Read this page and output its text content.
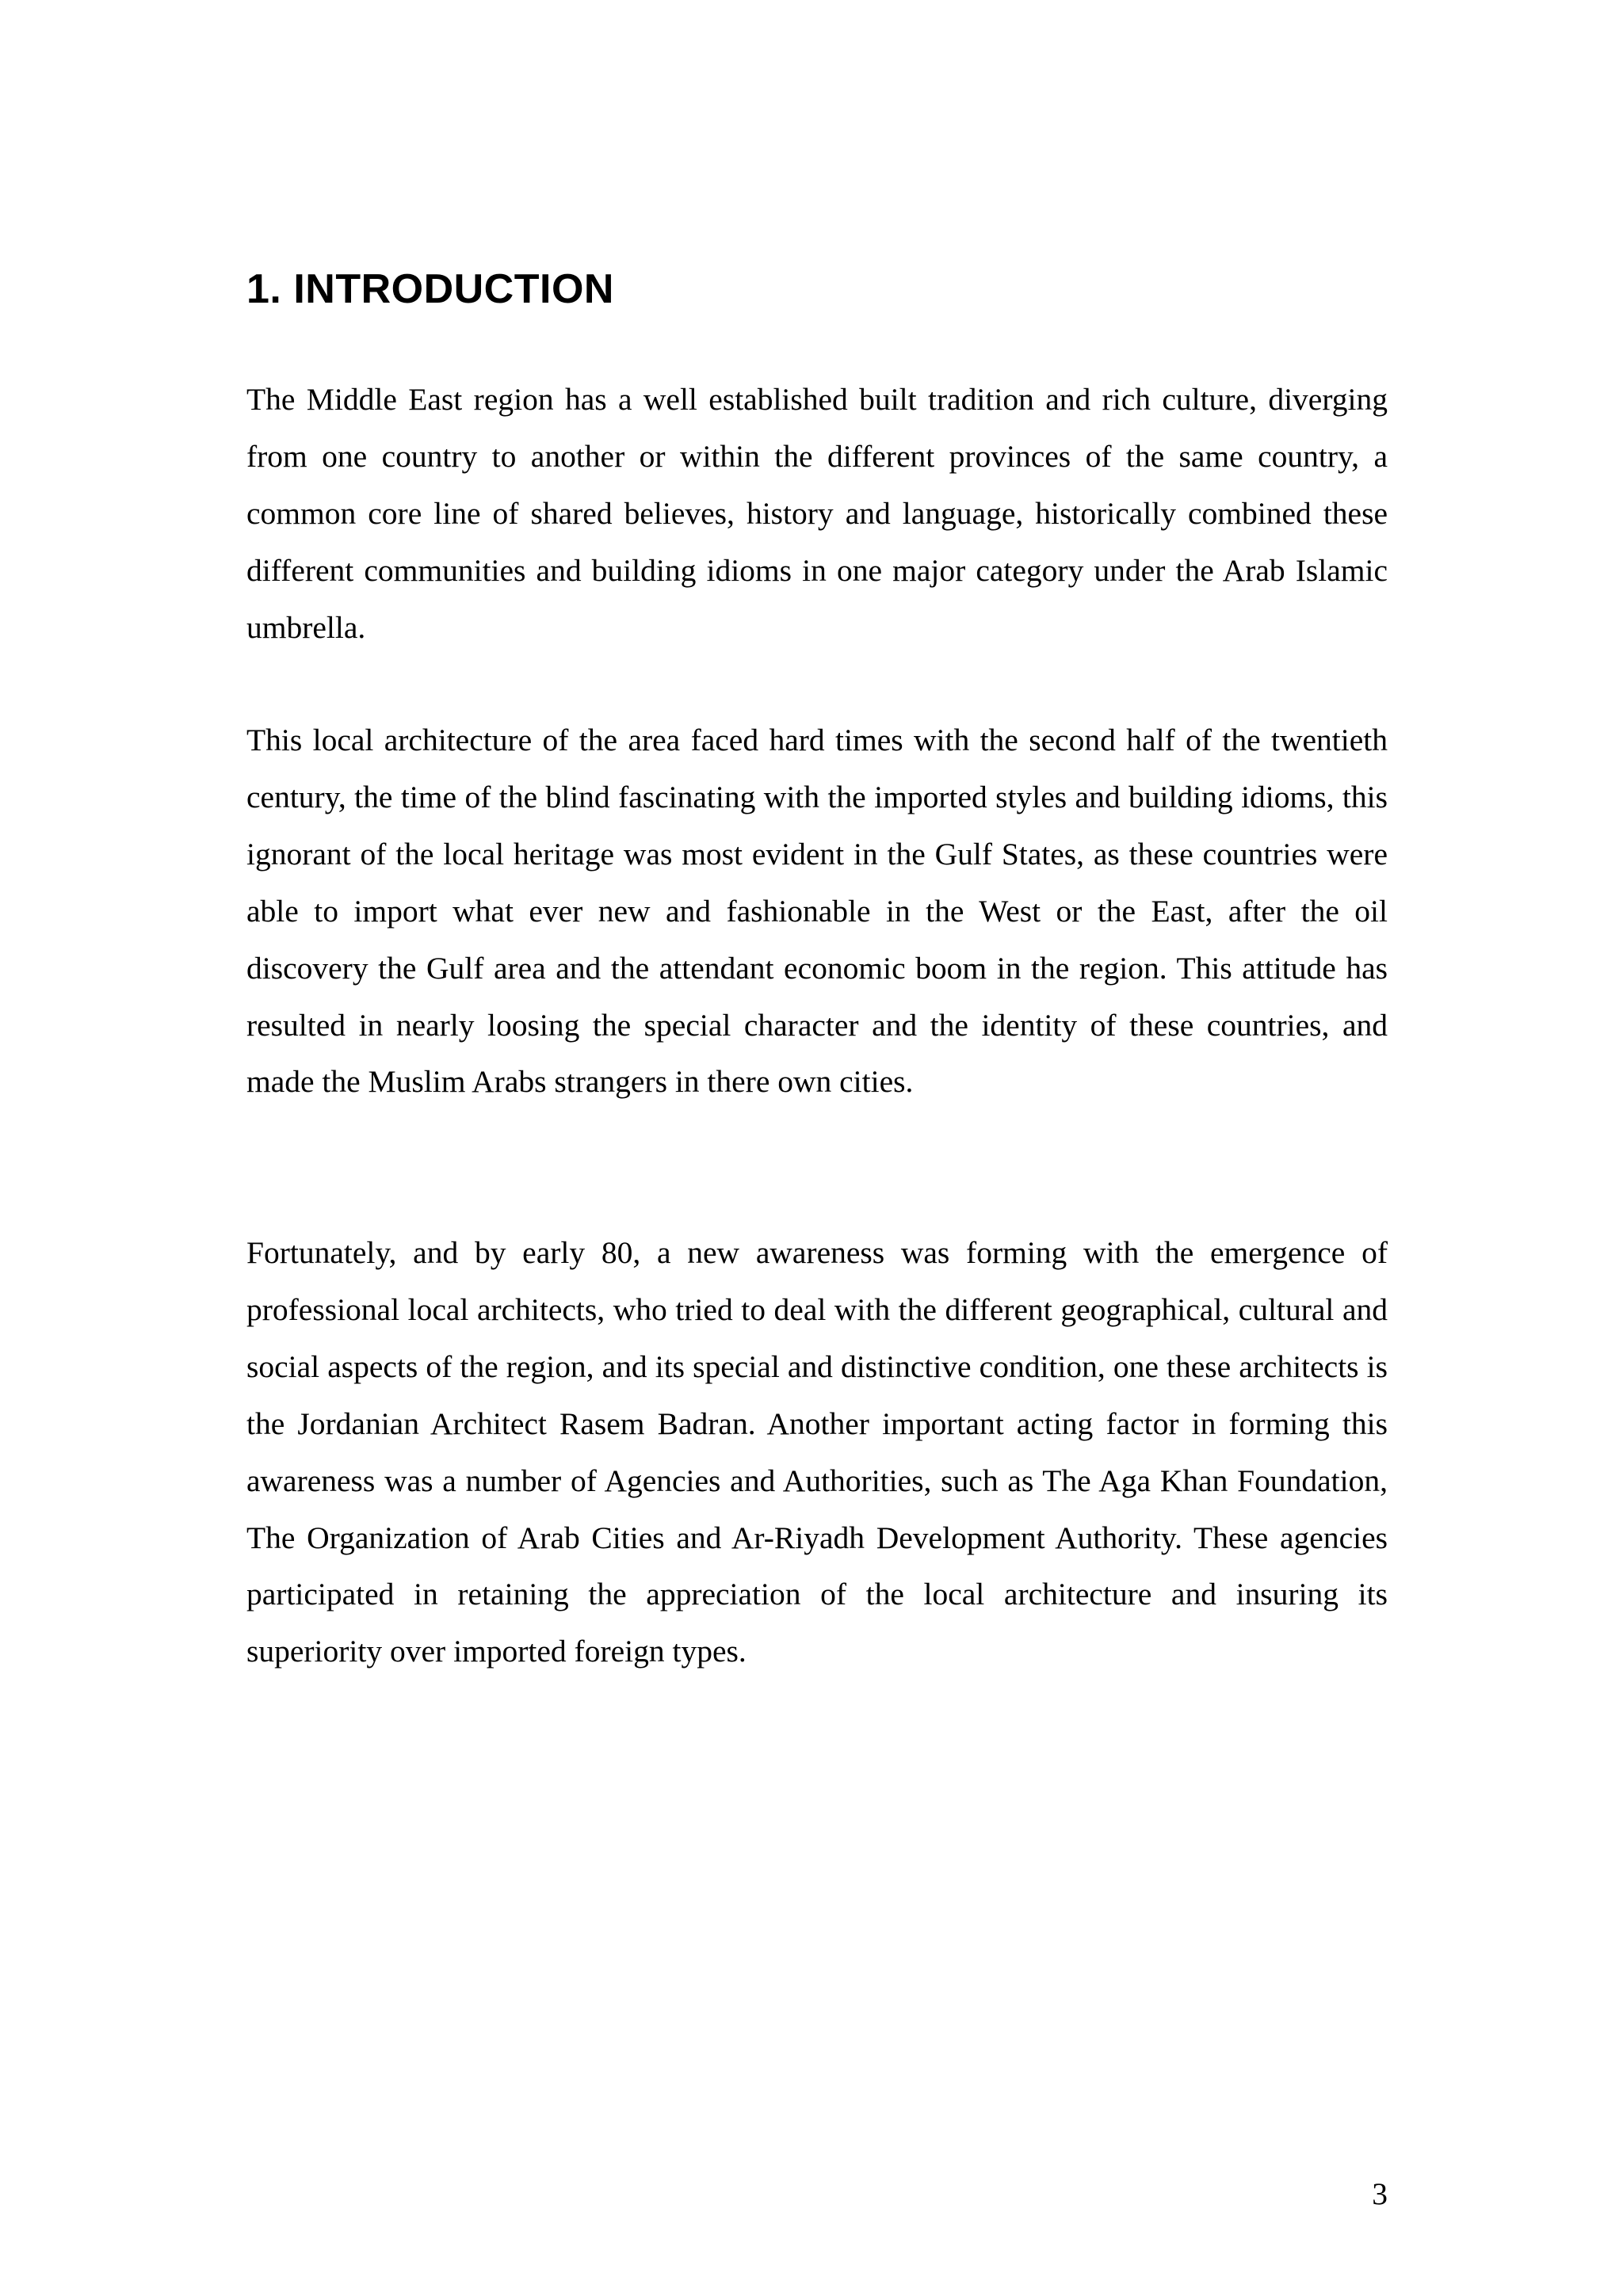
1. INTRODUCTION

The Middle East region has a well established built tradition and rich culture, diverging from one country to another or within the different provinces of the same country, a common core line of shared believes, history and language, historically combined these different communities and building idioms in one major category under the Arab Islamic umbrella.

This local architecture of the area faced hard times with the second half of the twentieth century, the time of the blind fascinating with the imported styles and building idioms, this ignorant of the local heritage was most evident in the Gulf States, as these countries were able to import what ever new and fashionable in the West or the East, after the oil discovery the Gulf area and the attendant economic boom in the region. This attitude has resulted in nearly loosing the special character and the identity of these countries, and made the Muslim Arabs strangers in there own cities.

Fortunately, and by early 80, a new awareness was forming with the emergence of professional local architects, who tried to deal with the different geographical, cultural and social aspects of the region, and its special and distinctive condition, one these architects is the Jordanian Architect Rasem Badran. Another important acting factor in forming this awareness was a number of Agencies and Authorities, such as The Aga Khan Foundation, The Organization of Arab Cities and Ar-Riyadh Development Authority. These agencies participated in retaining the appreciation of the local architecture and insuring its superiority over imported foreign types.

3
